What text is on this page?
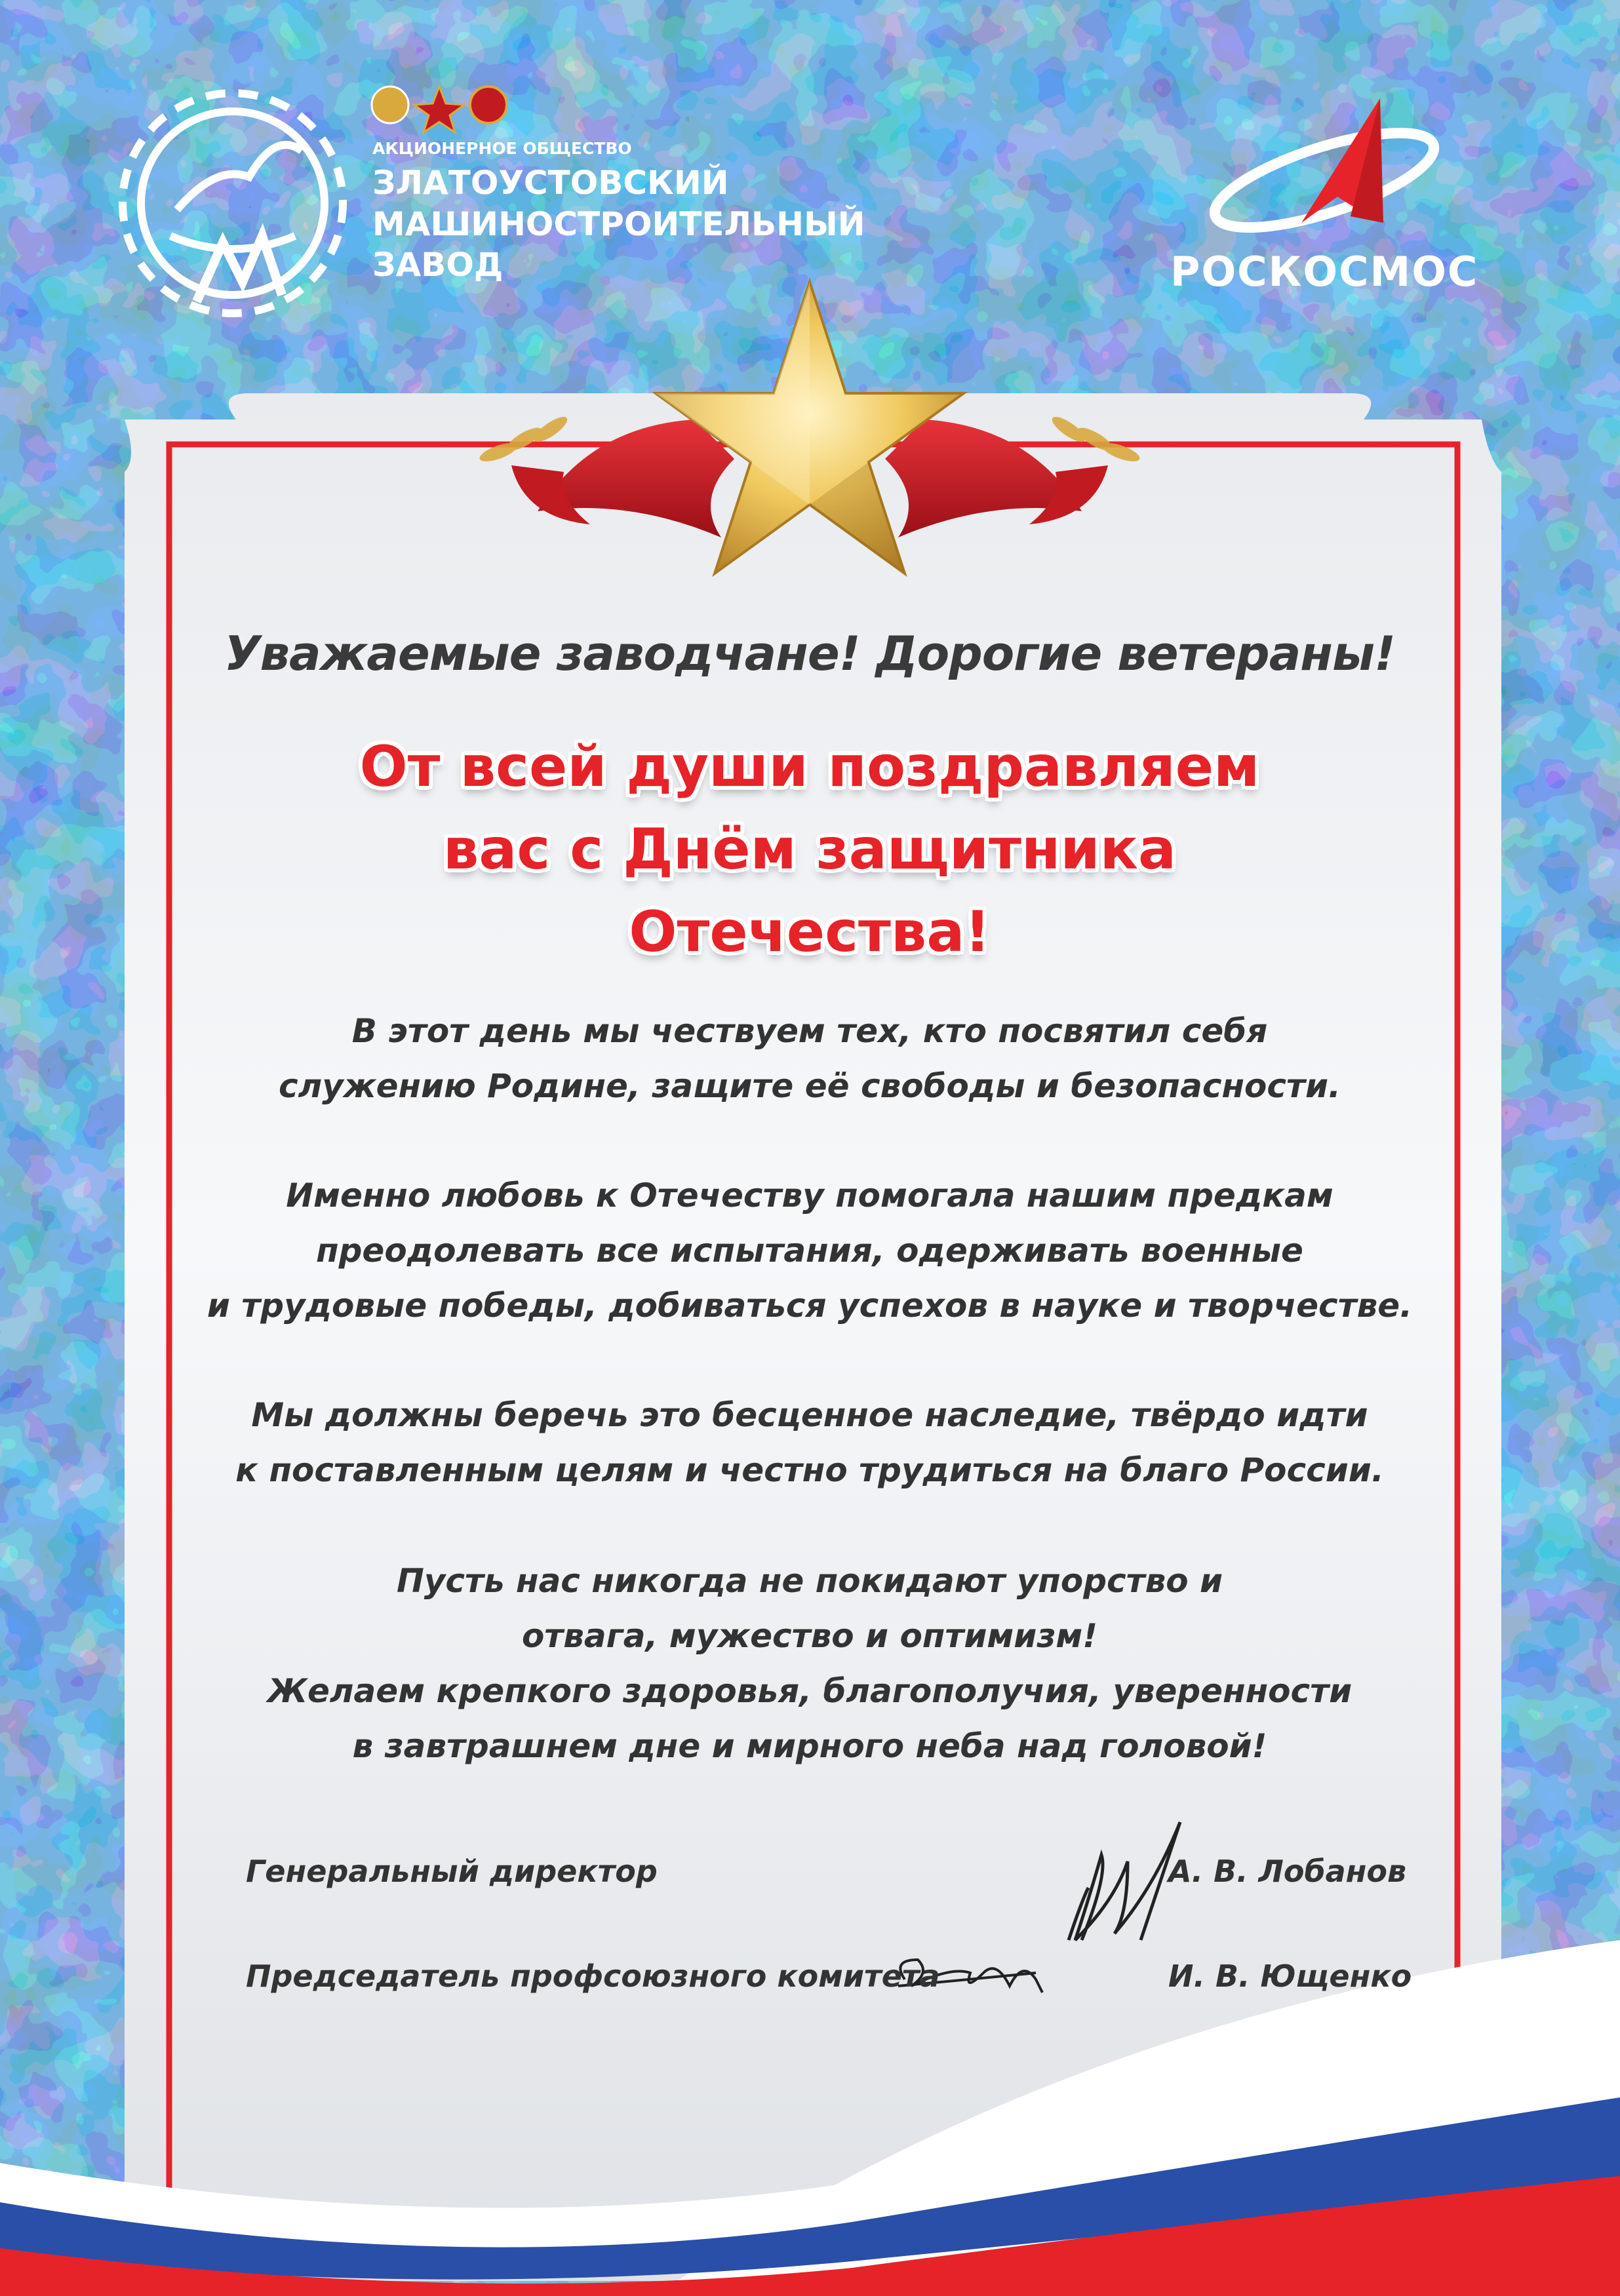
АКЦИОНЕРНОЕ ОБЩЕСТВО
ЗЛАТОУСТОВСКИЙ
МАШИНОСТРОИТЕЛЬНЫЙ
ЗАВОД	РОСКОСМОС
Уважаемые заводчане! Дорогие ветераны!
От всей души поздравляем
вас с Днём защитника
Отечества!
В этот день мы чествуем тех, кто посвятил себя
служению Родине, защите её свободы и безопасности.
Именно любовь к Отечеству помогала нашим предкам
преодолевать все испытания, одерживать военные
и трудовые победы, добиваться успехов в науке и творчестве.
Мы должны беречь это бесценное наследие, твёрдо идти
к поставленным целям и честно трудиться на благо России.
Пусть нас никогда не покидают упорство и
отвага, мужество и оптимизм!
Желаем крепкого здоровья, благополучия, уверенности
в завтрашнем дне и мирного неба над головой!
Генеральный директор	А. В. Лобанов
Председатель профсоюзного комитета	И. В. Ющенко
